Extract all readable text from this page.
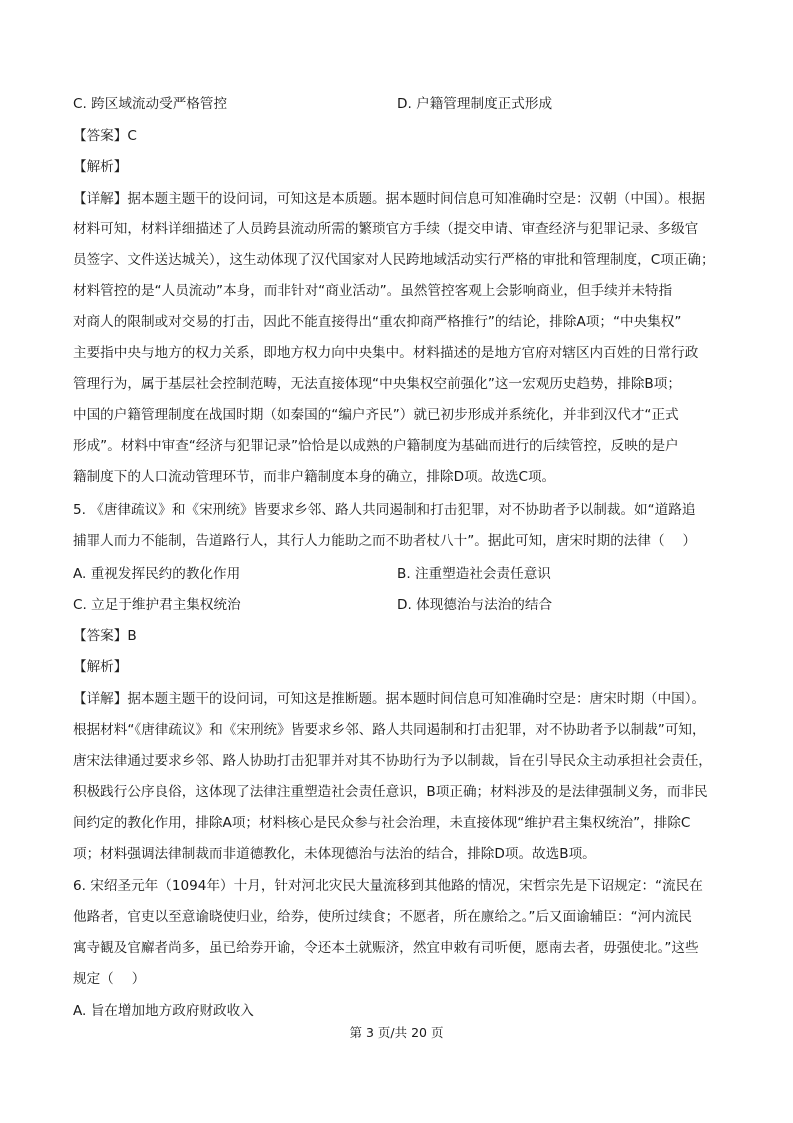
C. 跨区域流动受严格管控	D. 户籍管理制度正式形成
【答案】C
【解析】
【详解】据本题主题干的设问词，可知这是本质题。据本题时间信息可知准确时空是：汉朝（中国）。根据
材料可知，材料详细描述了人员跨县流动所需的繁琐官方手续（提交申请、审查经济与犯罪记录、多级官
员签字、文件送达城关），这生动体现了汉代国家对人民跨地域活动实行严格的审批和管理制度，C项正确；
材料管控的是“人员流动”本身，而非针对“商业活动”。虽然管控客观上会影响商业，但手续并未特指
对商人的限制或对交易的打击，因此不能直接得出“重农抑商严格推行”的结论，排除A项；“中央集权”
主要指中央与地方的权力关系，即地方权力向中央集中。材料描述的是地方官府对辖区内百姓的日常行政
管理行为，属于基层社会控制范畴，无法直接体现“中央集权空前强化”这一宏观历史趋势，排除B项；
中国的户籍管理制度在战国时期（如秦国的“编户齐民”）就已初步形成并系统化，并非到汉代才“正式
形成”。材料中审查“经济与犯罪记录”恰恰是以成熟的户籍制度为基础而进行的后续管控，反映的是户
籍制度下的人口流动管理环节，而非户籍制度本身的确立，排除D项。故选C项。
5. 《唐律疏议》和《宋刑统》皆要求乡邻、路人共同遏制和打击犯罪，对不协助者予以制裁。如“道路追
捕罪人而力不能制，告道路行人，其行人力能助之而不助者杖八十”。据此可知，唐宋时期的法律（　 ）
A. 重视发挥民约的教化作用	B. 注重塑造社会责任意识
C. 立足于维护君主集权统治	D. 体现德治与法治的结合
【答案】B
【解析】
【详解】据本题主题干的设问词，可知这是推断题。据本题时间信息可知准确时空是：唐宋时期（中国）。
根据材料“《唐律疏议》和《宋刑统》皆要求乡邻、路人共同遏制和打击犯罪，对不协助者予以制裁”可知，
唐宋法律通过要求乡邻、路人协助打击犯罪并对其不协助行为予以制裁，旨在引导民众主动承担社会责任，
积极践行公序良俗，这体现了法律注重塑造社会责任意识，B项正确；材料涉及的是法律强制义务，而非民
间约定的教化作用，排除A项；材料核心是民众参与社会治理，未直接体现“维护君主集权统治”，排除C
项；材料强调法律制裁而非道德教化，未体现德治与法治的结合，排除D项。故选B项。
6. 宋绍圣元年（1094年）十月，针对河北灾民大量流移到其他路的情况，宋哲宗先是下诏规定：“流民在
他路者，官吏以至意谕晓使归业，给券，使所过续食；不愿者，所在廪给之。”后又面谕辅臣：“河内流民
寓寺観及官廨者尚多，虽已给券开谕，令还本土就赈济，然宜申敕有司听便，愿南去者，毋强使北。”这些
规定（　 ）
A. 旨在增加地方政府财政收入
第 3 页/共 20 页
